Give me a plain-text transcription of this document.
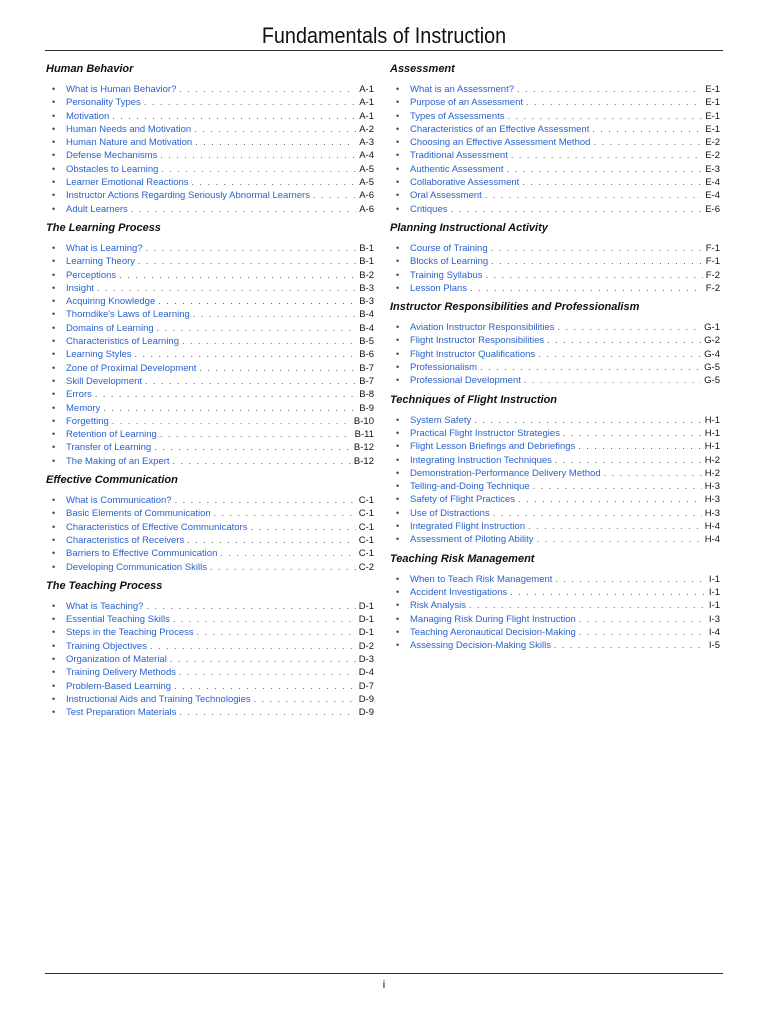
Fundamentals of Instruction
Human Behavior
• What is Human Behavior? . . .	A-1
• Personality Types . . .	A-1
• Motivation . . .	A-1
• Human Needs and Motivation . . .	A-2
• Human Nature and Motivation . . .	A-3
• Defense Mechanisms . . .	A-4
• Obstacles to Learning . . .	A-5
• Learner Emotional Reactions . . .	A-5
• Instructor Actions Regarding Seriously Abnormal Learners . . .	A-6
• Adult Learners . . .	A-6
The Learning Process
• What is Learning? . . .	B-1
• Learning Theory . . .	B-1
• Perceptions . . .	B-2
• Insight . . .	B-3
• Acquiring Knowledge . . .	B-3
• Thorndike's Laws of Learning . . .	B-4
• Domains of Learning . . .	B-4
• Characteristics of Learning . . .	B-5
• Learning Styles . . .	B-6
• Zone of Proximal Development . . .	B-7
• Skill Development . . .	B-7
• Errors . . .	B-8
• Memory . . .	B-9
• Forgetting . . .	B-10
• Retention of Learning . . .	B-11
• Transfer of Learning . . .	B-12
• The Making of an Expert . . .	B-12
Effective Communication
• What is Communication? . . .	C-1
• Basic Elements of Communication . . .	C-1
• Characteristics of Effective Communicators . . .	C-1
• Characteristics of Receivers . . .	C-1
• Barriers to Effective Communication . . .	C-1
• Developing Communication Skills . . .	C-2
The Teaching Process
• What is Teaching? . . .	D-1
• Essential Teaching Skills . . .	D-1
• Steps in the Teaching Process . . .	D-1
• Training Objectives . . .	D-2
• Organization of Material . . .	D-3
• Training Delivery Methods . . .	D-4
• Problem-Based Learning . . .	D-7
• Instructional Aids and Training Technologies . . .	D-9
• Test Preparation Materials . . .	D-9
Assessment
• What is an Assessment? . . .	E-1
• Purpose of an Assessment . . .	E-1
• Types of Assessments . . .	E-1
• Characteristics of an Effective Assessment . . .	E-1
• Choosing an Effective Assessment Method . . .	E-2
• Traditional Assessment . . .	E-2
• Authentic Assessment . . .	E-3
• Collaborative Assessment . . .	E-4
• Oral Assessment . . .	E-4
• Critiques . . .	E-6
Planning Instructional Activity
• Course of Training . . .	F-1
• Blocks of Learning . . .	F-1
• Training Syllabus . . .	F-2
• Lesson Plans . . .	F-2
Instructor Responsibilities and Professionalism
• Aviation Instructor Responsibilities . . .	G-1
• Flight Instructor Responsibilities . . .	G-2
• Flight Instructor Qualifications . . .	G-4
• Professionalism . . .	G-5
• Professional Development . . .	G-5
Techniques of Flight Instruction
• System Safety . . .	H-1
• Practical Flight Instructor Strategies . . .	H-1
• Flight Lesson Briefings and Debriefings . . .	H-1
• Integrating Instruction Techniques . . .	H-2
• Demonstration-Performance Delivery Method . . .	H-2
• Telling-and-Doing Technique . . .	H-3
• Safety of Flight Practices . . .	H-3
• Use of Distractions . . .	H-3
• Integrated Flight Instruction . . .	H-4
• Assessment of Piloting Ability . . .	H-4
Teaching Risk Management
• When to Teach Risk Management . . .	I-1
• Accident Investigations . . .	I-1
• Risk Analysis . . .	I-1
• Managing Risk During Flight Instruction . . .	I-3
• Teaching Aeronautical Decision-Making . . .	I-4
• Assessing Decision-Making Skills . . .	I-5
i
